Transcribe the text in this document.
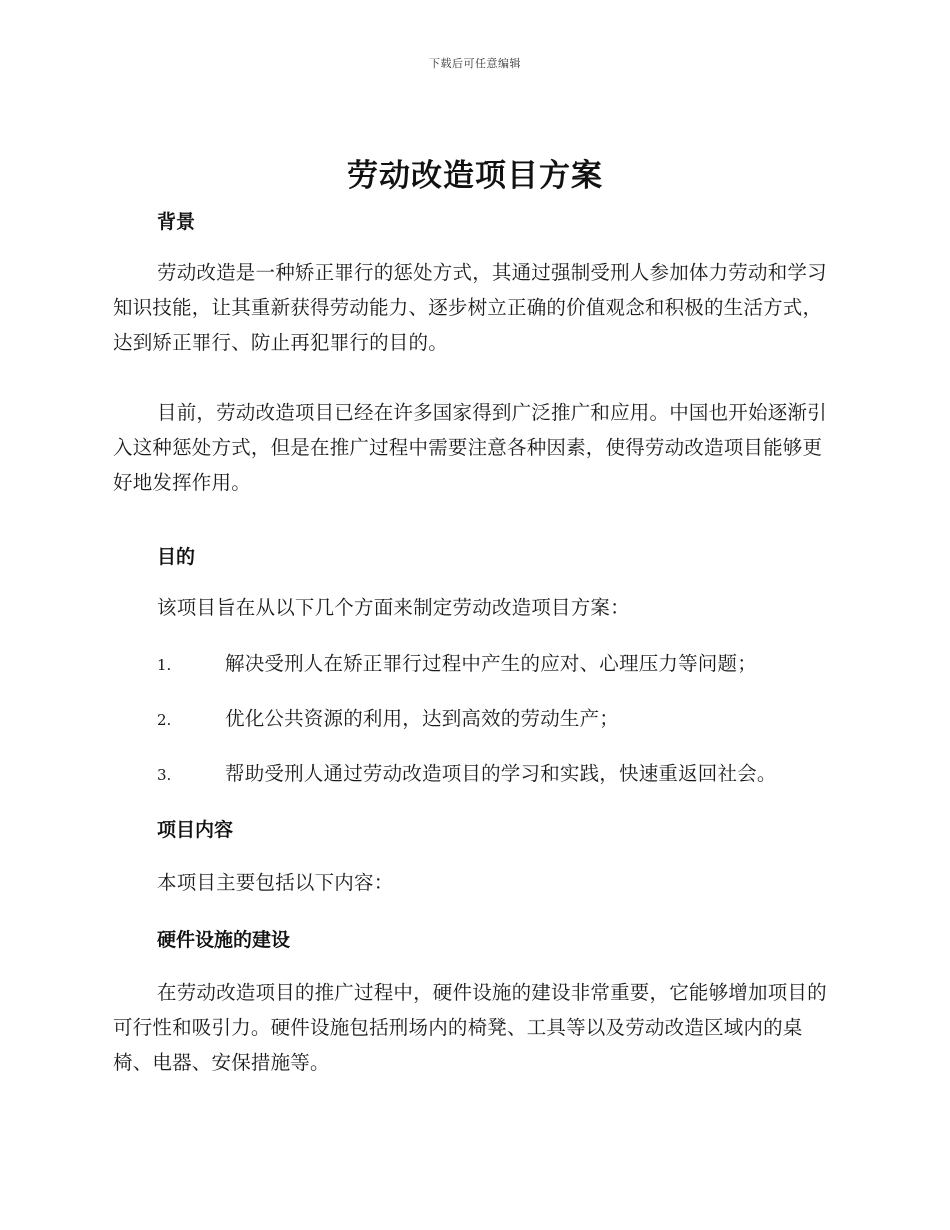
下载后可任意编辑
劳动改造项目方案
背景

劳动改造是一种矫正罪行的惩处方式，其通过强制受刑人参加体力劳动和学习知识技能，让其重新获得劳动能力、逐步树立正确的价值观念和积极的生活方式，达到矫正罪行、防止再犯罪行的目的。

目前，劳动改造项目已经在许多国家得到广泛推广和应用。中国也开始逐渐引入这种惩处方式，但是在推广过程中需要注意各种因素，使得劳动改造项目能够更好地发挥作用。

目的

该项目旨在从以下几个方面来制定劳动改造项目方案：

1.	解决受刑人在矫正罪行过程中产生的应对、心理压力等问题；
2.	优化公共资源的利用，达到高效的劳动生产；
3.	帮助受刑人通过劳动改造项目的学习和实践，快速重返回社会。
项目内容

本项目主要包括以下内容：

硬件设施的建设

在劳动改造项目的推广过程中，硬件设施的建设非常重要，它能够增加项目的可行性和吸引力。硬件设施包括刑场内的椅凳、工具等以及劳动改造区域内的桌椅、电器、安保措施等。
